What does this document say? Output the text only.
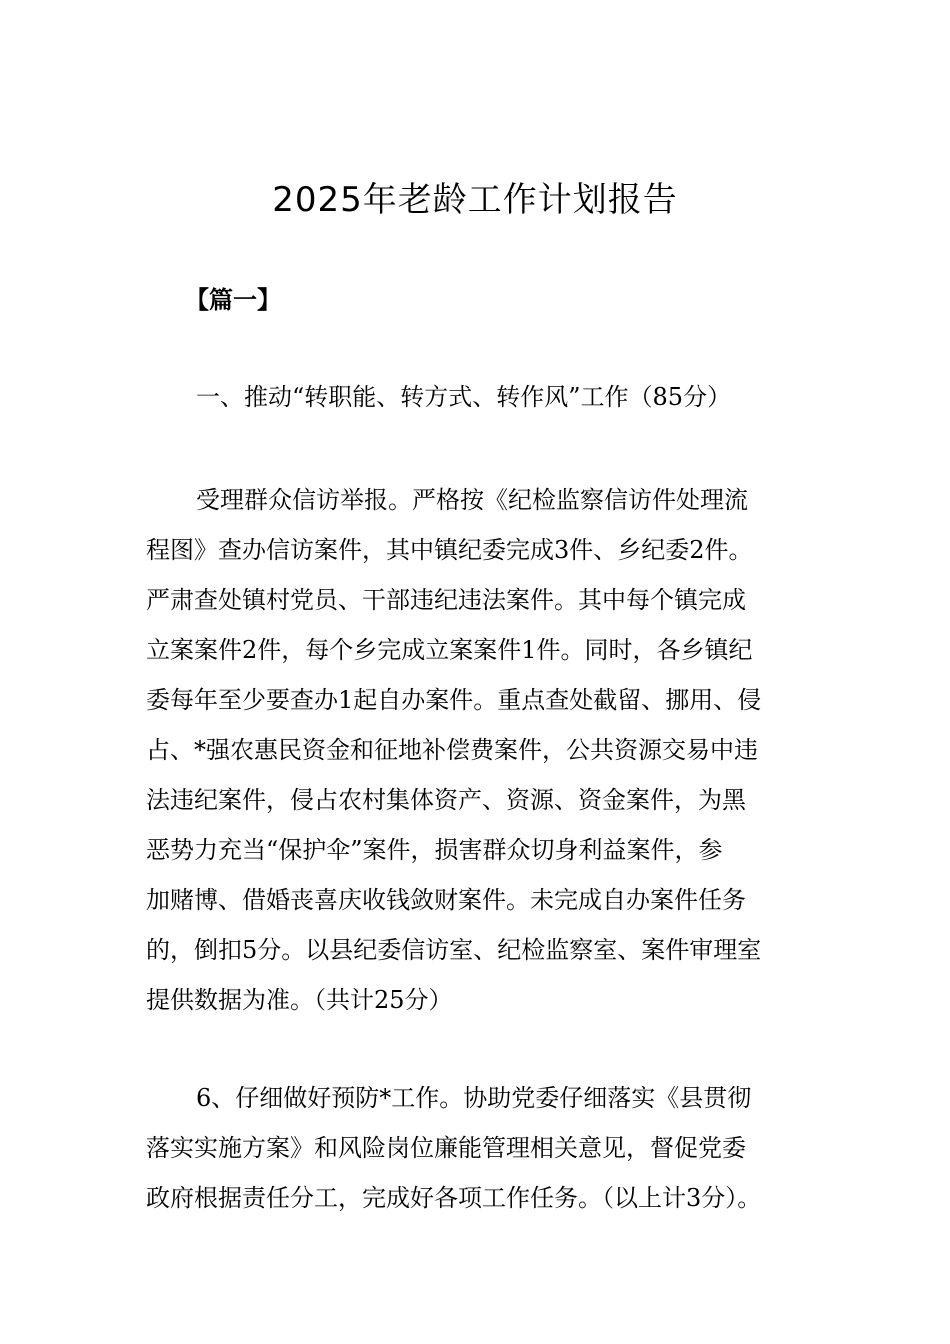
2025年老龄工作计划报告

【篇一】

一、推动“转职能、转方式、转作风”工作（85分）

受理群众信访举报。严格按《纪检监察信访件处理流
程图》查办信访案件，其中镇纪委完成3件、乡纪委2件。
严肃查处镇村党员、干部违纪违法案件。其中每个镇完成
立案案件2件，每个乡完成立案案件1件。同时，各乡镇纪
委每年至少要查办1起自办案件。重点查处截留、挪用、侵
占、*强农惠民资金和征地补偿费案件，公共资源交易中违
法违纪案件，侵占农村集体资产、资源、资金案件，为黑
恶势力充当“保护伞”案件，损害群众切身利益案件，参
加赌博、借婚丧喜庆收钱敛财案件。未完成自办案件任务
的，倒扣5分。以县纪委信访室、纪检监察室、案件审理室
提供数据为准。（共计25分）
6、仔细做好预防*工作。协助党委仔细落实《县贯彻
落实实施方案》和风险岗位廉能管理相关意见，督促党委
政府根据责任分工，完成好各项工作任务。（以上计3分）。
